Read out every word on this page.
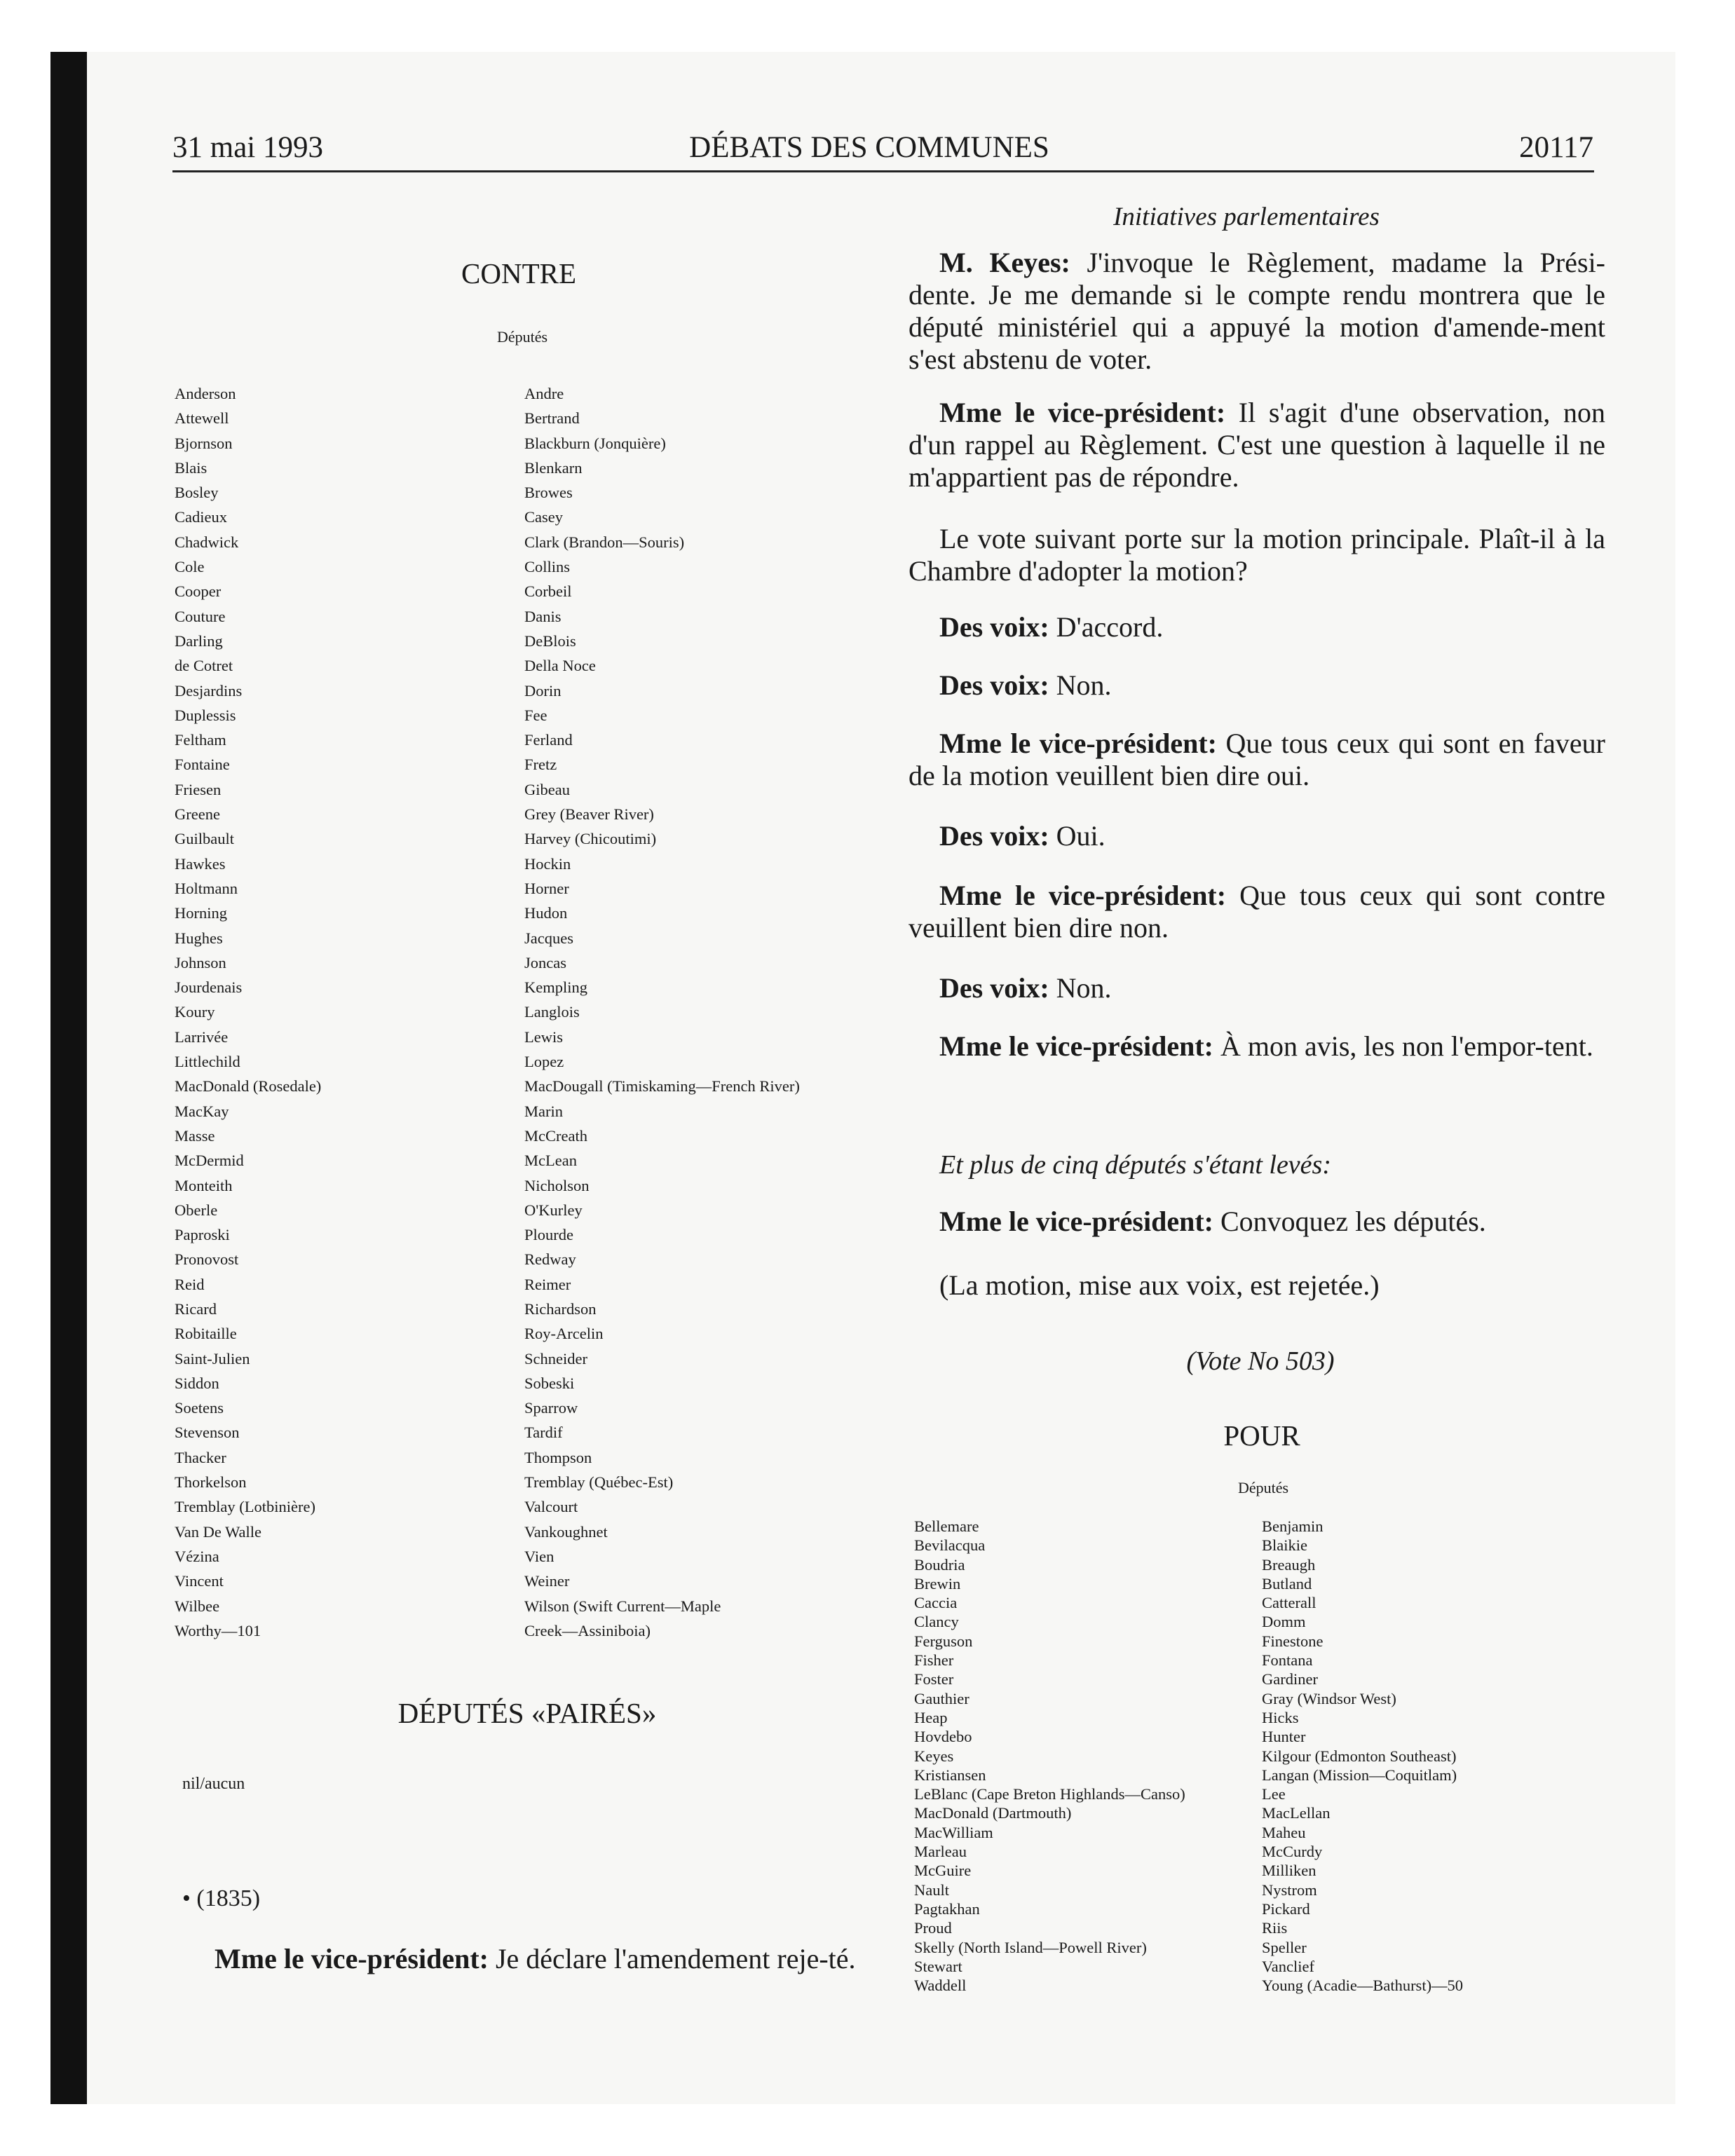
31 mai 1993	DÉBATS DES COMMUNES	20117
CONTRE
Députés
Anderson
Attewell
Bjornson
Blais
Bosley
Cadieux
Chadwick
Cole
Cooper
Couture
Darling
de Cotret
Desjardins
Duplessis
Feltham
Fontaine
Friesen
Greene
Guilbault
Hawkes
Holtmann
Horning
Hughes
Johnson
Jourdenais
Koury
Larrivée
Littlechild
MacDonald (Rosedale)
MacKay
Masse
McDermid
Monteith
Oberle
Paproski
Pronovost
Reid
Ricard
Robitaille
Saint-Julien
Siddon
Soetens
Stevenson
Thacker
Thorkelson
Tremblay (Lotbinière)
Van De Walle
Vézina
Vincent
Wilbee
Worthy—101
Andre
Bertrand
Blackburn (Jonquière)
Blenkarn
Browes
Casey
Clark (Brandon—Souris)
Collins
Corbeil
Danis
DeBlois
Della Noce
Dorin
Fee
Ferland
Fretz
Gibeau
Grey (Beaver River)
Harvey (Chicoutimi)
Hockin
Horner
Hudon
Jacques
Joncas
Kempling
Langlois
Lewis
Lopez
MacDougall (Timiskaming—French River)
Marin
McCreath
McLean
Nicholson
O'Kurley
Plourde
Redway
Reimer
Richardson
Roy-Arcelin
Schneider
Sobeski
Sparrow
Tardif
Thompson
Tremblay (Québec-Est)
Valcourt
Vankoughnet
Vien
Weiner
Wilson (Swift Current—Maple
Creek—Assiniboia)
DÉPUTÉS «PAIRÉS»
nil/aucun
• (1835)

Mme le vice-président: Je déclare l'amendement reje-té.

Initiatives parlementaires

M. Keyes: J'invoque le Règlement, madame la Prési-dente. Je me demande si le compte rendu montrera que le député ministériel qui a appuyé la motion d'amende-ment s'est abstenu de voter.

Mme le vice-président: Il s'agit d'une observation, non d'un rappel au Règlement. C'est une question à laquelle il ne m'appartient pas de répondre.

Le vote suivant porte sur la motion principale. Plaît-il à la Chambre d'adopter la motion?

Des voix: D'accord.

Des voix: Non.

Mme le vice-président: Que tous ceux qui sont en faveur de la motion veuillent bien dire oui.

Des voix: Oui.

Mme le vice-président: Que tous ceux qui sont contre veuillent bien dire non.

Des voix: Non.

Mme le vice-président: À mon avis, les non l'empor-tent.

Et plus de cinq députés s'étant levés:

Mme le vice-président: Convoquez les députés.

(La motion, mise aux voix, est rejetée.)
(Vote No 503)
POUR
Députés
Bellemare
Bevilacqua
Boudria
Brewin
Caccia
Clancy
Ferguson
Fisher
Foster
Gauthier
Heap
Hovdebo
Keyes
Kristiansen
LeBlanc (Cape Breton Highlands—Canso)
MacDonald (Dartmouth)
MacWilliam
Marleau
McGuire
Nault
Pagtakhan
Proud
Skelly (North Island—Powell River)
Stewart
Waddell
Benjamin
Blaikie
Breaugh
Butland
Catterall
Domm
Finestone
Fontana
Gardiner
Gray (Windsor West)
Hicks
Hunter
Kilgour (Edmonton Southeast)
Langan (Mission—Coquitlam)
Lee
MacLellan
Maheu
McCurdy
Milliken
Nystrom
Pickard
Riis
Speller
Vanclief
Young (Acadie—Bathurst)—50
